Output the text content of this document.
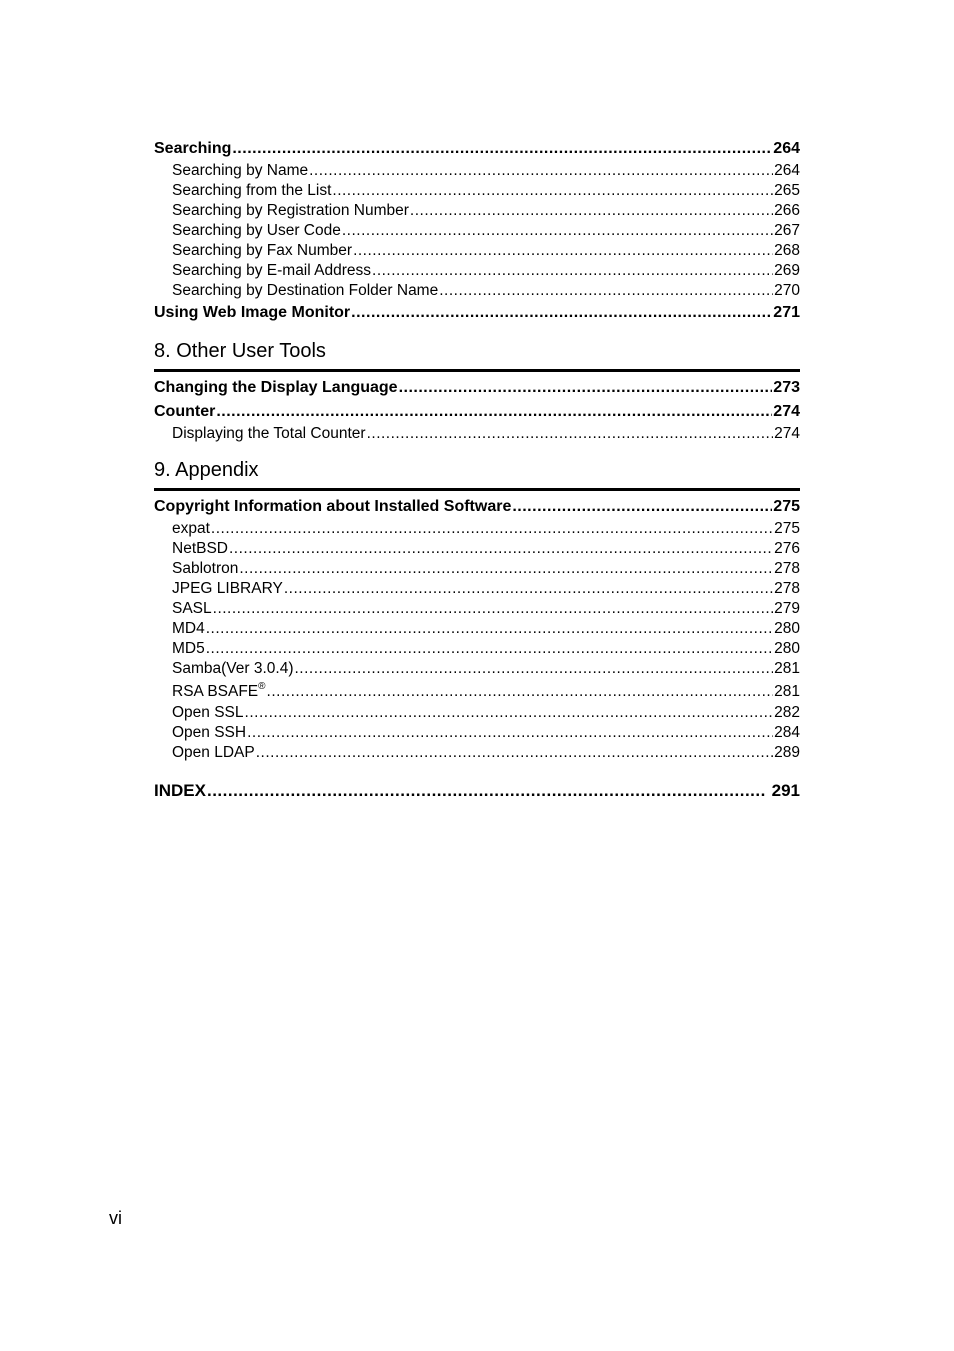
Searching .....	264
Searching by Name .....	264
Searching from the List .....	265
Searching by Registration Number .....	266
Searching by User Code .....	267
Searching by Fax Number .....	268
Searching by E-mail Address .....	269
Searching by Destination Folder Name .....	270
Using Web Image Monitor .....	271
8. Other User Tools
Changing the Display Language .....	273
Counter .....	274
Displaying the Total Counter .....	274
9. Appendix
Copyright Information about Installed Software .....	275
expat .....	275
NetBSD .....	276
Sablotron .....	278
JPEG LIBRARY .....	278
SASL .....	279
MD4 .....	280
MD5 .....	280
Samba(Ver 3.0.4) .....	281
RSA BSAFE® .....	281
Open SSL .....	282
Open SSH .....	284
Open LDAP .....	289
INDEX .....	291
vi
